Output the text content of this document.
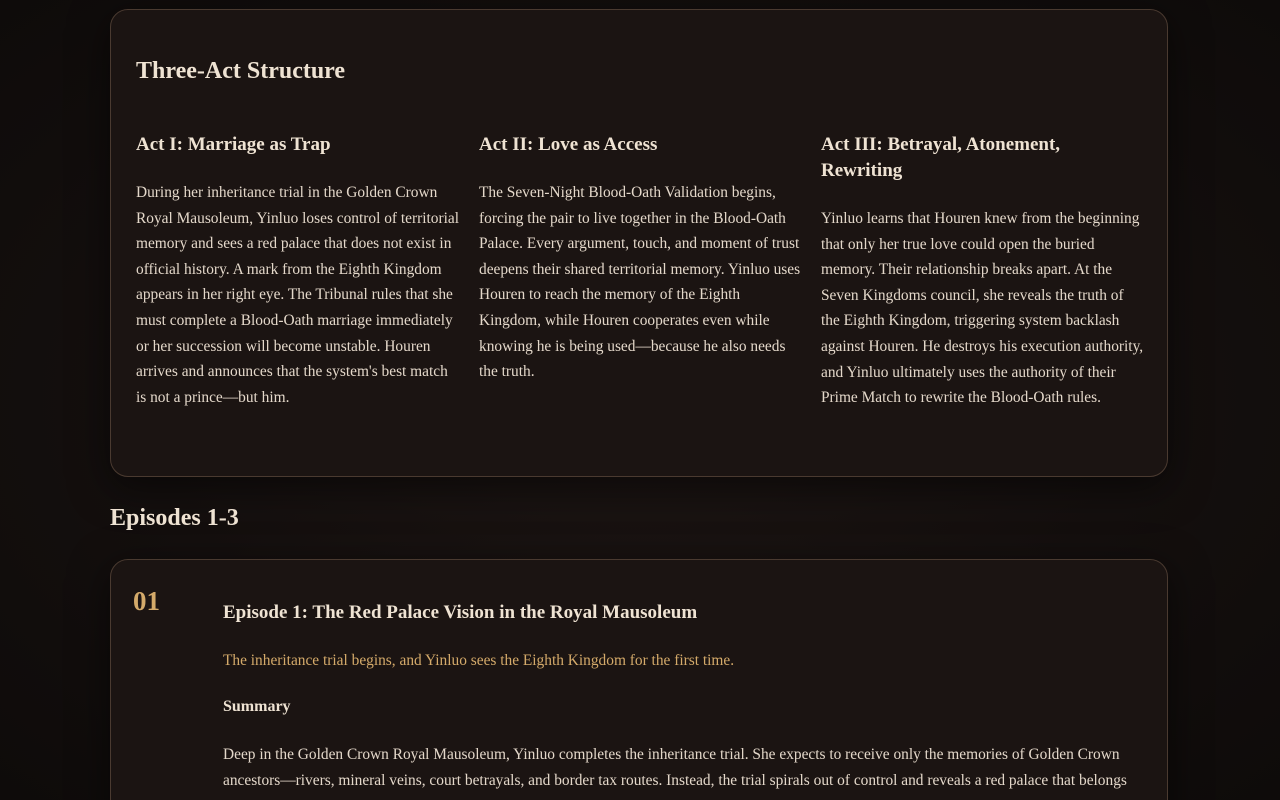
Three-Act Structure
Act I: Marriage as Trap

During her inheritance trial in the Golden Crown Royal Mausoleum, Yinluo loses control of territorial memory and sees a red palace that does not exist in official history. A mark from the Eighth Kingdom appears in her right eye. The Tribunal rules that she must complete a Blood-Oath marriage immediately or her succession will become unstable. Houren arrives and announces that the system's best match is not a prince—but him.

Act II: Love as Access

The Seven-Night Blood-Oath Validation begins, forcing the pair to live together in the Blood-Oath Palace. Every argument, touch, and moment of trust deepens their shared territorial memory. Yinluo uses Houren to reach the memory of the Eighth Kingdom, while Houren cooperates even while knowing he is being used—because he also needs the truth.

Act III: Betrayal, Atonement, Rewriting

Yinluo learns that Houren knew from the beginning that only her true love could open the buried memory. Their relationship breaks apart. At the Seven Kingdoms council, she reveals the truth of the Eighth Kingdom, triggering system backlash against Houren. He destroys his execution authority, and Yinluo ultimately uses the authority of their Prime Match to rewrite the Blood-Oath rules.

Episodes 1-3
01	Episode 1: The Red Palace Vision in the Royal Mausoleum
The inheritance trial begins, and Yinluo sees the Eighth Kingdom for the first time.
Summary

Deep in the Golden Crown Royal Mausoleum, Yinluo completes the inheritance trial. She expects to receive only the memories of Golden Crown ancestors—rivers, mineral veins, court betrayals, and border tax routes. Instead, the trial spirals out of control and reveals a red palace that belongs
